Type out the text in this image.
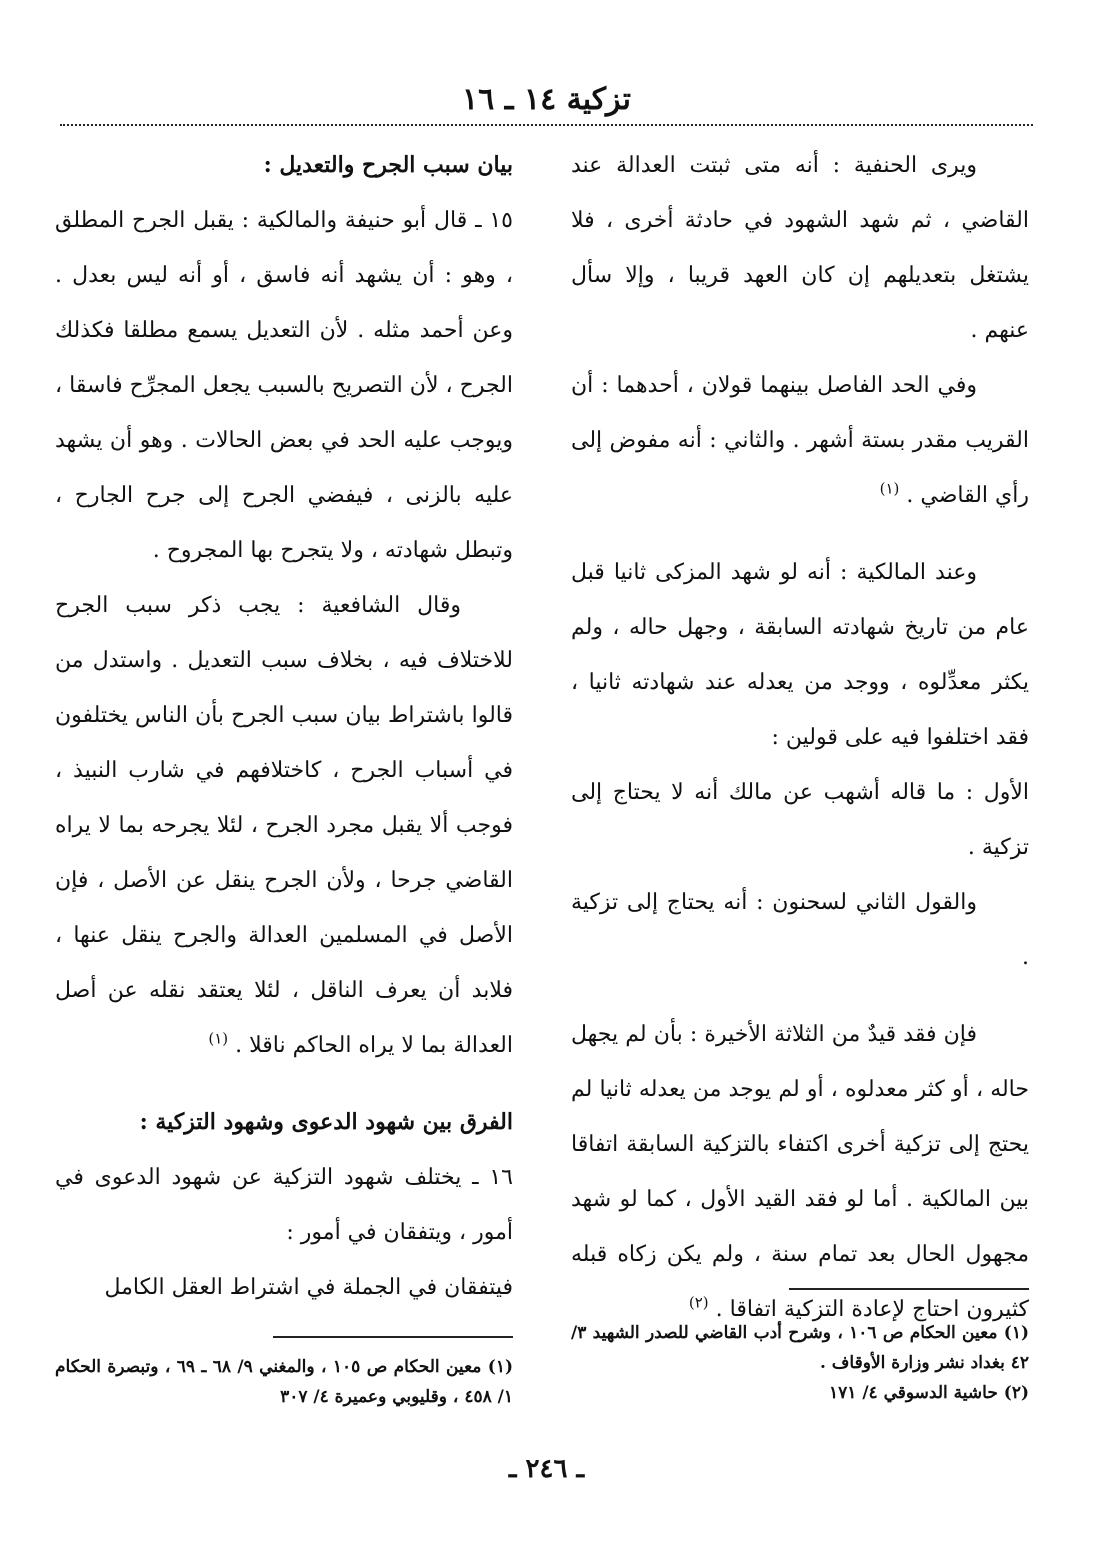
تزكية ١٤ ـ ١٦

ويرى الحنفية : أنه متى ثبتت العدالة عند القاضي ، ثم شهد الشهود في حادثة أخرى ، فلا يشتغل بتعديلهم إن كان العهد قريبا ، وإلا سأل عنهم .

وفي الحد الفاصل بينهما قولان ، أحدهما : أن القريب مقدر بستة أشهر . والثاني : أنه مفوض إلى رأي القاضي . $^{(١)}$

وعند المالكية : أنه لو شهد المزكى ثانيا قبل عام من تاريخ شهادته السابقة ، وجهل حاله ، ولم يكثر معدِّلوه ، ووجد من يعدله عند شهادته ثانيا ، فقد اختلفوا فيه على قولين :

الأول : ما قاله أشهب عن مالك أنه لا يحتاج إلى تزكية .

والقول الثاني لسحنون : أنه يحتاج إلى تزكية .

فإن فقد قيدٌ من الثلاثة الأخيرة : بأن لم يجهل حاله ، أو كثر معدلوه ، أو لم يوجد من يعدله ثانيا لم يحتج إلى تزكية أخرى اكتفاء بالتزكية السابقة اتفاقا بين المالكية . أما لو فقد القيد الأول ، كما لو شهد مجهول الحال بعد تمام سنة ، ولم يكن زكاه قبله كثيرون احتاج لإعادة التزكية اتفاقا . $^{(٢)}$

بيان سبب الجرح والتعديل :

١٥ ـ قال أبو حنيفة والمالكية : يقبل الجرح المطلق ، وهو : أن يشهد أنه فاسق ، أو أنه ليس بعدل . وعن أحمد مثله . لأن التعديل يسمع مطلقا فكذلك الجرح ، لأن التصريح بالسبب يجعل المجرِّح فاسقا ، ويوجب عليه الحد في بعض الحالات . وهو أن يشهد عليه بالزنى ، فيفضي الجرح إلى جرح الجارح ، وتبطل شهادته ، ولا يتجرح بها المجروح .

وقال الشافعية : يجب ذكر سبب الجرح للاختلاف فيه ، بخلاف سبب التعديل . واستدل من قالوا باشتراط بيان سبب الجرح بأن الناس يختلفون في أسباب الجرح ، كاختلافهم في شارب النبيذ ، فوجب ألا يقبل مجرد الجرح ، لئلا يجرحه بما لا يراه القاضي جرحا ، ولأن الجرح ينقل عن الأصل ، فإن الأصل في المسلمين العدالة والجرح ينقل عنها ، فلابد أن يعرف الناقل ، لئلا يعتقد نقله عن أصل العدالة بما لا يراه الحاكم ناقلا . $^{(١)}$

الفرق بين شهود الدعوى وشهود التزكية :

١٦ ـ يختلف شهود التزكية عن شهود الدعوى في أمور ، ويتفقان في أمور :

فيتفقان في الجملة في اشتراط العقل الكامل

(١) معين الحكام ص ١٠٦ ، وشرح أدب القاضي للصدر الشهيد ٣/ ٤٢ بغداد نشر وزارة الأوقاف .

(٢) حاشية الدسوقي ٤/ ١٧١

(١) معين الحكام ص ١٠٥ ، والمغني ٩/ ٦٨ ـ ٦٩ ، وتبصرة الحكام ١/ ٤٥٨ ، وقليوبي وعميرة ٤/ ٣٠٧

ـ ٢٤٦ ـ
